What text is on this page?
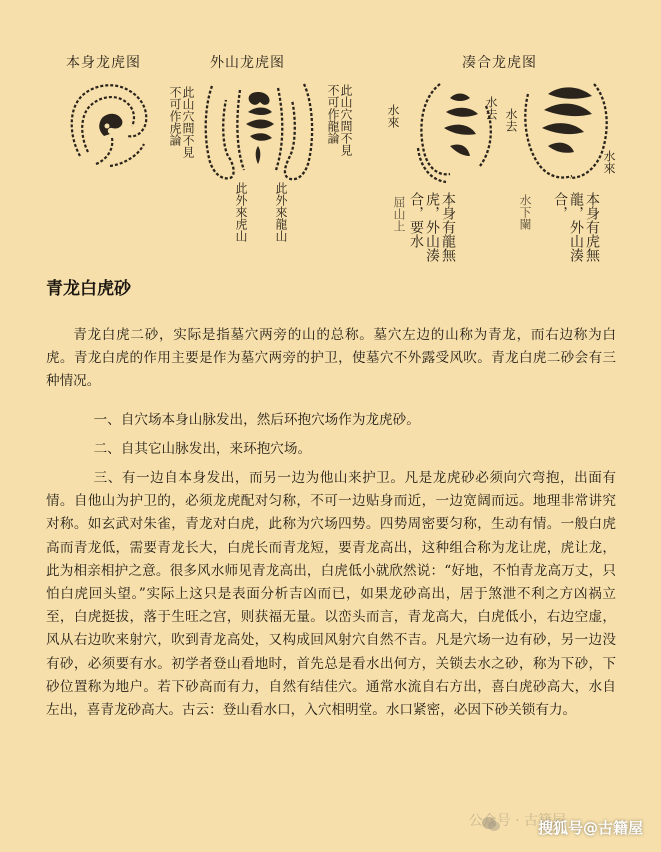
本身龙虎图	外山龙虎图	凑合龙虎图
此山穴間不見不可作虎論	此山穴間不見不可作龍論
此外來虎山 此外來龍山
水來	水去 水去
水來
本身有龍無虎，外山湊合，要水
屈山上	本身有虎無龍，外山湊合，
水下闌
青龙白虎砂
青龙白虎二砂，实际是指墓穴两旁的山的总称。墓穴左边的山称为青龙，而右边称为白虎。青龙白虎的作用主要是作为墓穴两旁的护卫，使墓穴不外露受风吹。青龙白虎二砂会有三种情况。
一、自穴场本身山脉发出，然后环抱穴场作为龙虎砂。
二、自其它山脉发出，来环抱穴场。
三、有一边自本身发出，而另一边为他山来护卫。凡是龙虎砂必须向穴弯抱，出面有情。自他山为护卫的，必须龙虎配对匀称，不可一边贴身而近，一边宽阔而远。地理非常讲究对称。如玄武对朱雀，青龙对白虎，此称为穴场四势。四势周密要匀称，生动有情。一般白虎高而青龙低，需要青龙长大，白虎长而青龙短，要青龙高出，这种组合称为龙让虎，虎让龙，此为相亲相护之意。很多风水师见青龙高出，白虎低小就欣然说：“好地，不怕青龙高万丈，只怕白虎回头望。”实际上这只是表面分析吉凶而已，如果龙砂高出，居于煞泄不利之方凶祸立至，白虎挺拔，落于生旺之宫，则获福无量。以峦头而言，青龙高大，白虎低小，右边空虚，风从右边吹来射穴，吹到青龙高处，又构成回风射穴自然不吉。凡是穴场一边有砂，另一边没有砂，必须要有水。初学者登山看地时，首先总是看水出何方，关锁去水之砂，称为下砂，下砂位置称为地户。若下砂高而有力，自然有结佳穴。通常水流自右方出，喜白虎砂高大，水自左出，喜青龙砂高大。古云：登山看水口，入穴相明堂。水口紧密，必因下砂关锁有力。
公众号 · 古籍屋
搜狐号@古籍屋
